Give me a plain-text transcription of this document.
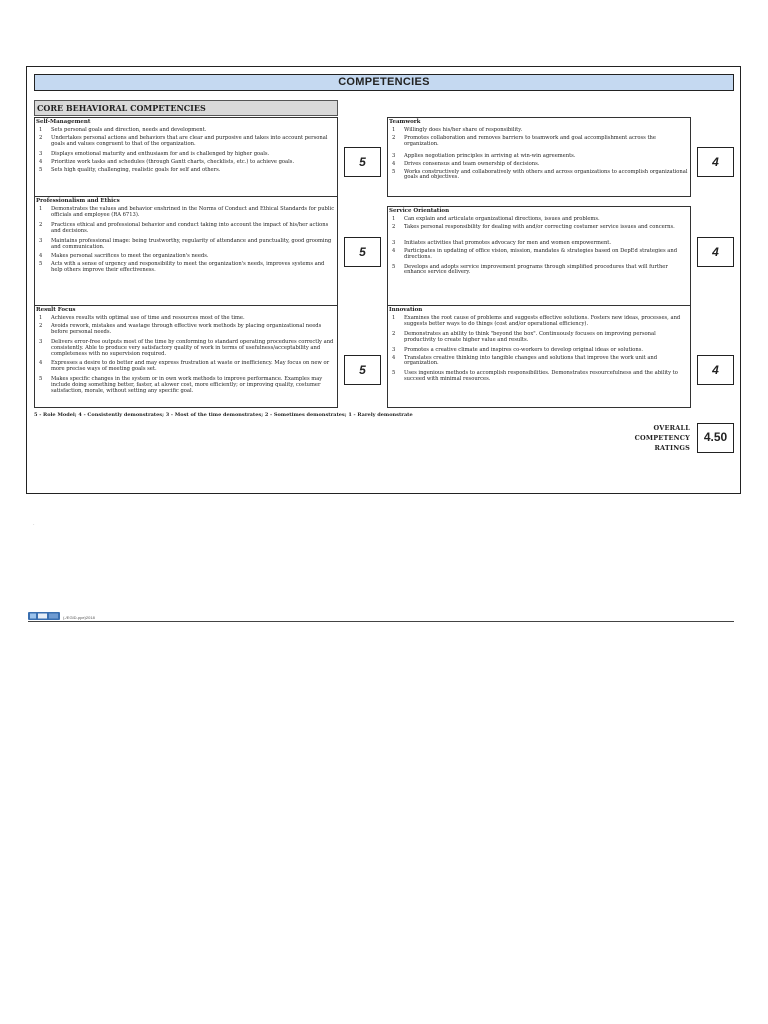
COMPETENCIES
CORE BEHAVIORAL COMPETENCIES
Self-Management
1 Sets personal goals and direction, needs and development.
2 Undertakes personal actions and behaviors that are clear and purposive and takes into account personal goals and values congruent to that of the organization.
3 Displays emotional maturity and enthusiasm for and is challenged by higher goals.
4 Prioritize work tasks and schedules (through Gantt charts, checklists, etc.) to achieve goals.
5 Sets high quality, challenging, realistic goals for self and others.
Professionalism and Ethics
1 Demonstrates the values and behavior enshrined in the Norms of Conduct and Ethical Standards for public officials and employee (RA 6713).
2 Practices ethical and professional behavior and conduct taking into account the impact of his/her actions and decisions.
3 Maintains professional image: being trustworthy, regularity of attendance and punctuality, good grooming and communication.
4 Makes personal sacrifices to meet the organization's needs.
5 Acts with a sense of urgency and responsibility to meet the organization's needs, improves systems and help others improve their effectiveness.
Result Focus
1 Achieves results with optimal use of time and resources most of the time.
2 Avoids rework, mistakes and wastage through effective work methods by placing organizational needs before personal needs.
3 Delivers error-free outputs most of the time by conforming to standard operating procedures correctly and consistently. Able to produce very satisfactory quality of work in terms of usefulness/acceptability and completeness with no supervision required.
4 Expresses a desire to do better and may express frustration at waste or inefficiency. May focus on new or more precise ways of meeting goals set.
5 Makes specific changes in the system or in own work methods to improve performance. Examples may include doing something better, faster, at alower cost, more efficiently; or improving quality, costumer satisfaction, morale, without setting any specific goal.
5
5
5
Teamwork
1 Willingly does his/her share of responsibility.
2 Promotes collaboration and removes barriers to teamwork and goal accomplishment across the organization.
3 Applies negotiation principles in arriving at win-win agreements.
4 Drives consensus and team ownership of decisions.
5 Works constructively and collaboratively with others and across organizations to accomplish organizational goals and objectives.
Service Orientation
1 Can explain and articulate organizational directions, issues and problems.
2 Takes personal responsibility for dealing with and/or correcting costumer service issues and concerns.
3 Initiates activities that promotes advocacy for men and women empowerment.
4 Participates in updating of office vision, mission, mandates & strategies based on DepEd strategies and directions.
5 Develops and adopts service improvement programs through simplified procedures that will further enhance service delivery.
Innovation
1 Examines the root cause of problems and suggests effective solutions. Fosters new ideas, processes, and suggests better ways to do things (cost and/or operational efficiency).
2 Demonstrates an ability to think "beyond the box". Continuously focuses on improving personal productivity to create higher value and results.
3 Promotes a creative climate and inspires co-workers to develop original ideas or solutions.
4 Translates creative thinking into tangible changes and solutions that improve the work unit and organization.
5 Uses ingenious methods to accomplish responsibilities. Demonstrates resourcefulness and the ability to succeed with minimal resources.
4
4
4
5 - Role Model; 4 - Consistently demonstrates; 3 - Most of the time demonstrates; 2 - Sometimes demonstrates; 1 - Rarely demonstrate
OVERALL
COMPETENCY
RATINGS
4.50
.
(-/EGID-ppe)2018
